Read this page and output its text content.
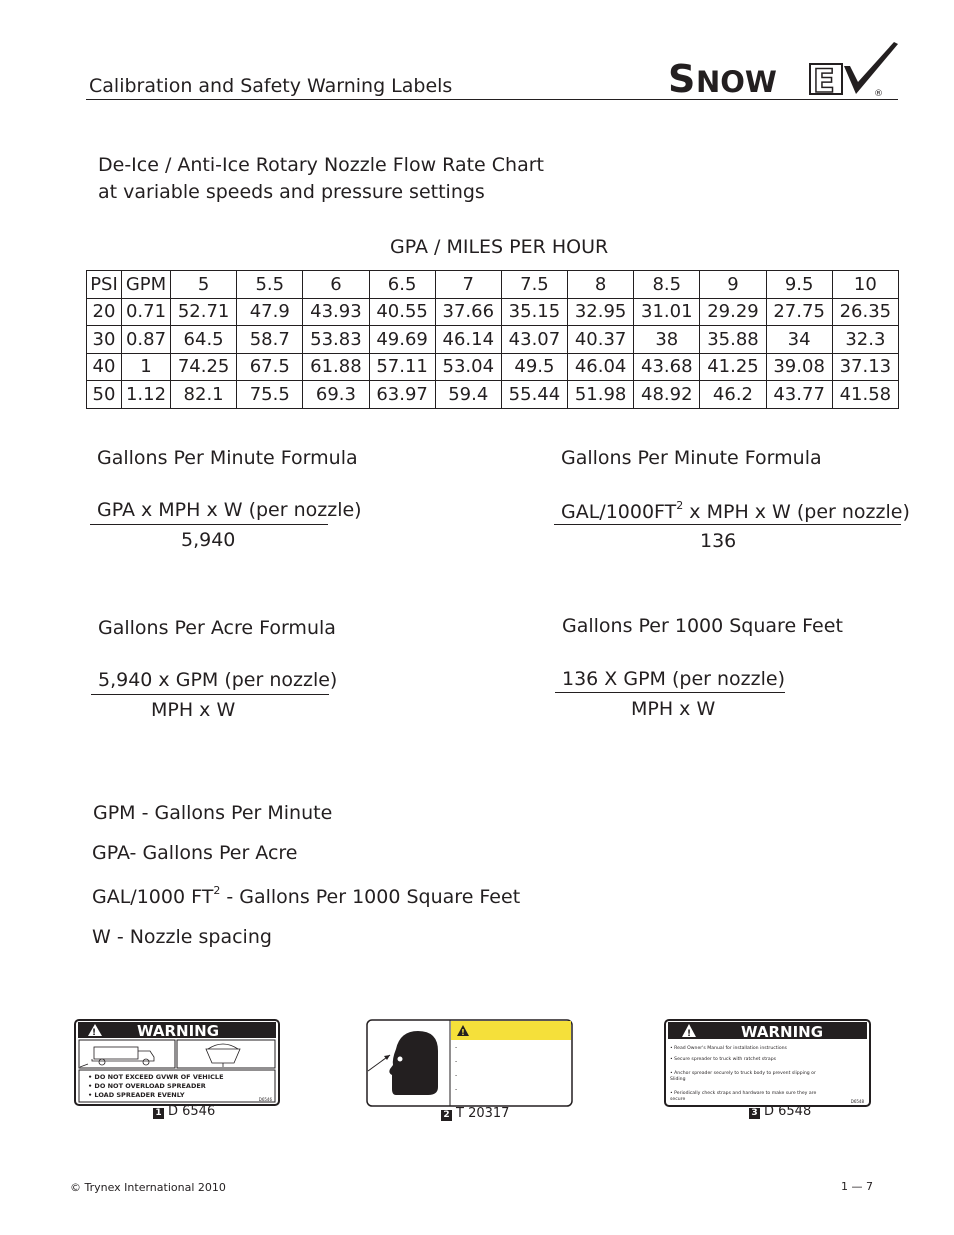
Calibration and Safety Warning Labels	S NOW E	®
De-Ice / Anti-Ice Rotary Nozzle Flow Rate Chart
at variable speeds and pressure settings
GPA / MILES PER HOUR
PSI	GPM	5	5.5	6	6.5	7	7.5	8	8.5	9	9.5	10
20	0.71	52.71	47.9	43.93	40.55	37.66	35.15	32.95	31.01	29.29	27.75	26.35
30	0.87	64.5	58.7	53.83	49.69	46.14	43.07	40.37	38	35.88	34	32.3
40	1	74.25	67.5	61.88	57.11	53.04	49.5	46.04	43.68	41.25	39.08	37.13
50	1.12	82.1	75.5	69.3	63.97	59.4	55.44	51.98	48.92	46.2	43.77	41.58
Gallons Per Minute Formula
GPA x MPH x W (per nozzle)
5,940
Gallons Per Minute Formula
GAL/$1000FT^2$ x MPH x W (per nozzle)
136
Gallons Per Acre Formula
5,940 x GPM (per nozzle)
MPH x W
Gallons Per 1000 Square Feet
136 X GPM (per nozzle)
MPH x W
GPM - Gallons Per Minute
GPA- Gallons Per Acre
GAL/1000 $FT^2$ - Gallons Per 1000 Square Feet
W - Nozzle spacing
!	WARNING
• DO NOT EXCEED GVWR OF VEHICLE
• DO NOT OVERLOAD SPREADER
• LOAD SPREADER EVENLY
D6546
1 D 6546
!
-
-
-
-
2 T 20317
!	WARNING
• Read Owner's Manual for installation instructions
• Secure spreader to truck with ratchet straps
• Anchor spreader securely to truck body to prevent slipping or
Sliding
• Periodically check straps and hardware to make sure they are
secure	D6548
3 D 6548
© Trynex International 2010	1 — 7
